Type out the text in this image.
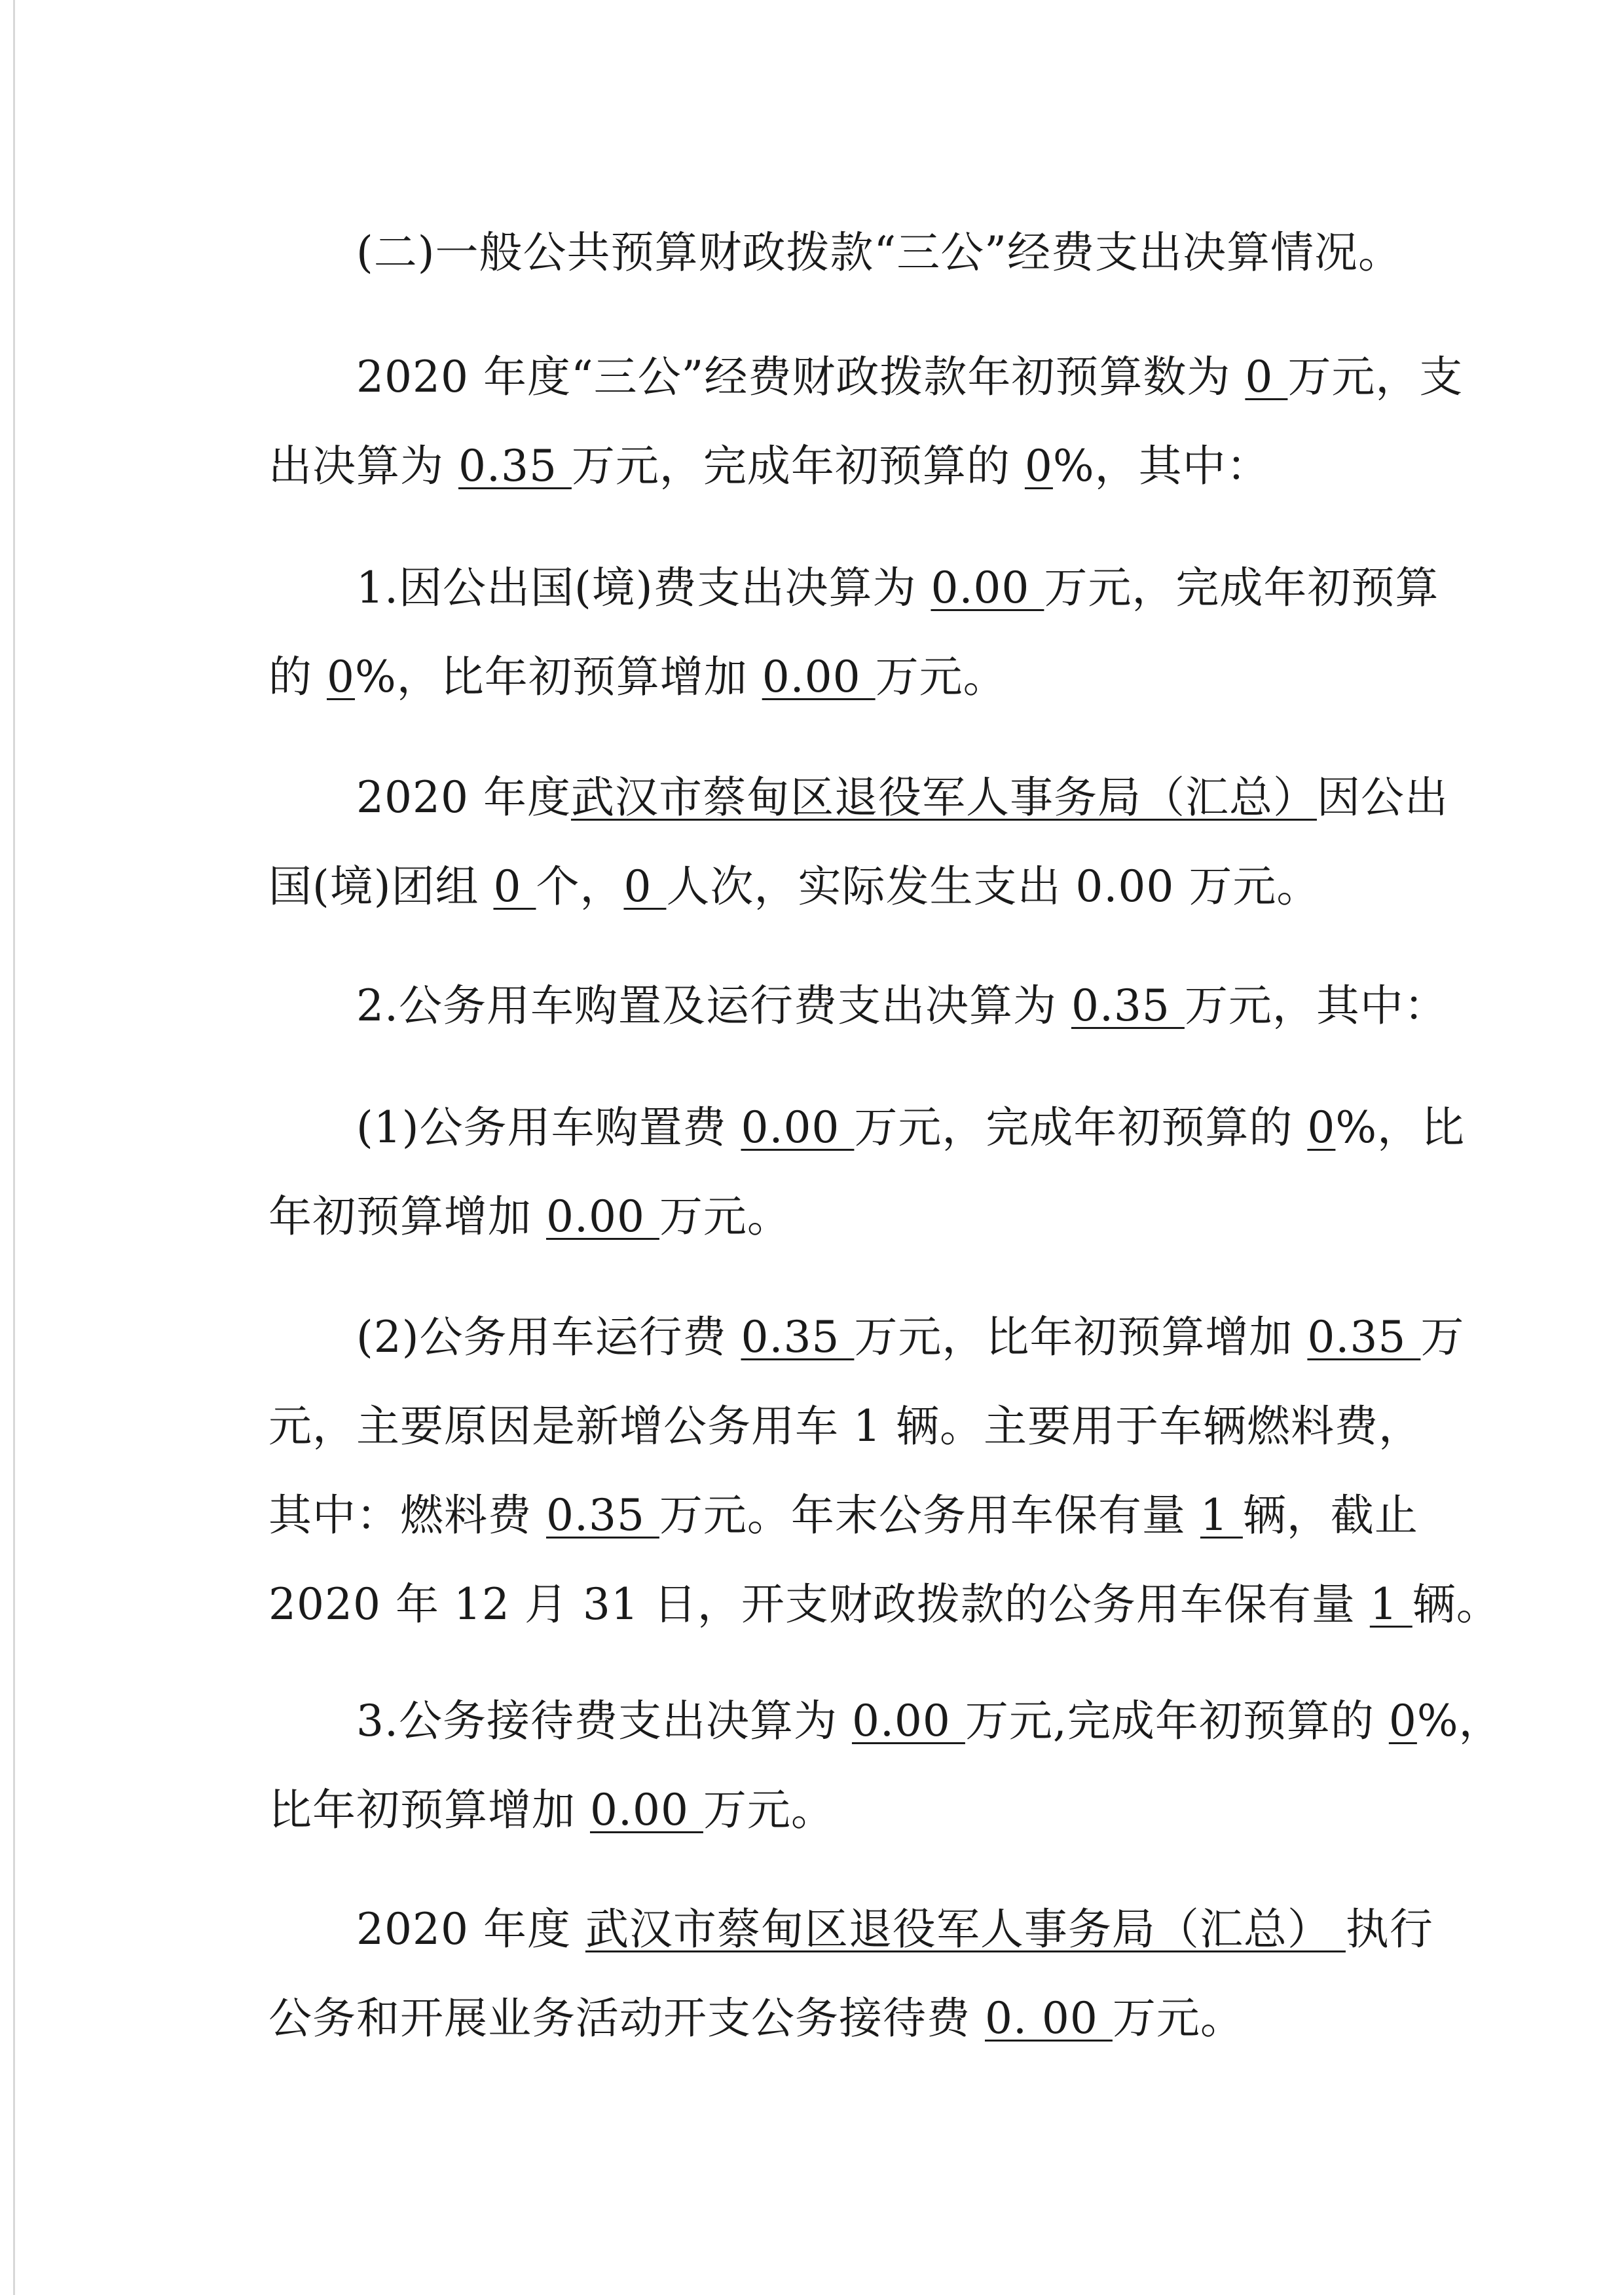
(二)一般公共预算财政拨款“三公”经费支出决算情况。

2020 年度“三公”经费财政拨款年初预算数为 0 万元，支
出决算为 0.35 万元，完成年初预算的 0%，其中：

1.因公出国(境)费支出决算为 0.00 万元，完成年初预算
的 0%，比年初预算增加 0.00 万元。

2020 年度武汉市蔡甸区退役军人事务局（汇总）因公出
国(境)团组 0 个，0 人次，实际发生支出 0.00 万元。

2.公务用车购置及运行费支出决算为 0.35 万元，其中：

(1)公务用车购置费 0.00 万元，完成年初预算的 0%，比
年初预算增加 0.00 万元。

(2)公务用车运行费 0.35 万元，比年初预算增加 0.35 万
元，主要原因是新增公务用车 1 辆。主要用于车辆燃料费，
其中：燃料费 0.35 万元。年末公务用车保有量 1 辆，截止
2020 年 12 月 31 日，开支财政拨款的公务用车保有量 1 辆。

3.公务接待费支出决算为 0.00 万元,完成年初预算的 0%，
比年初预算增加 0.00 万元。

2020 年度 武汉市蔡甸区退役军人事务局（汇总） 执行
公务和开展业务活动开支公务接待费 0. 00 万元。
